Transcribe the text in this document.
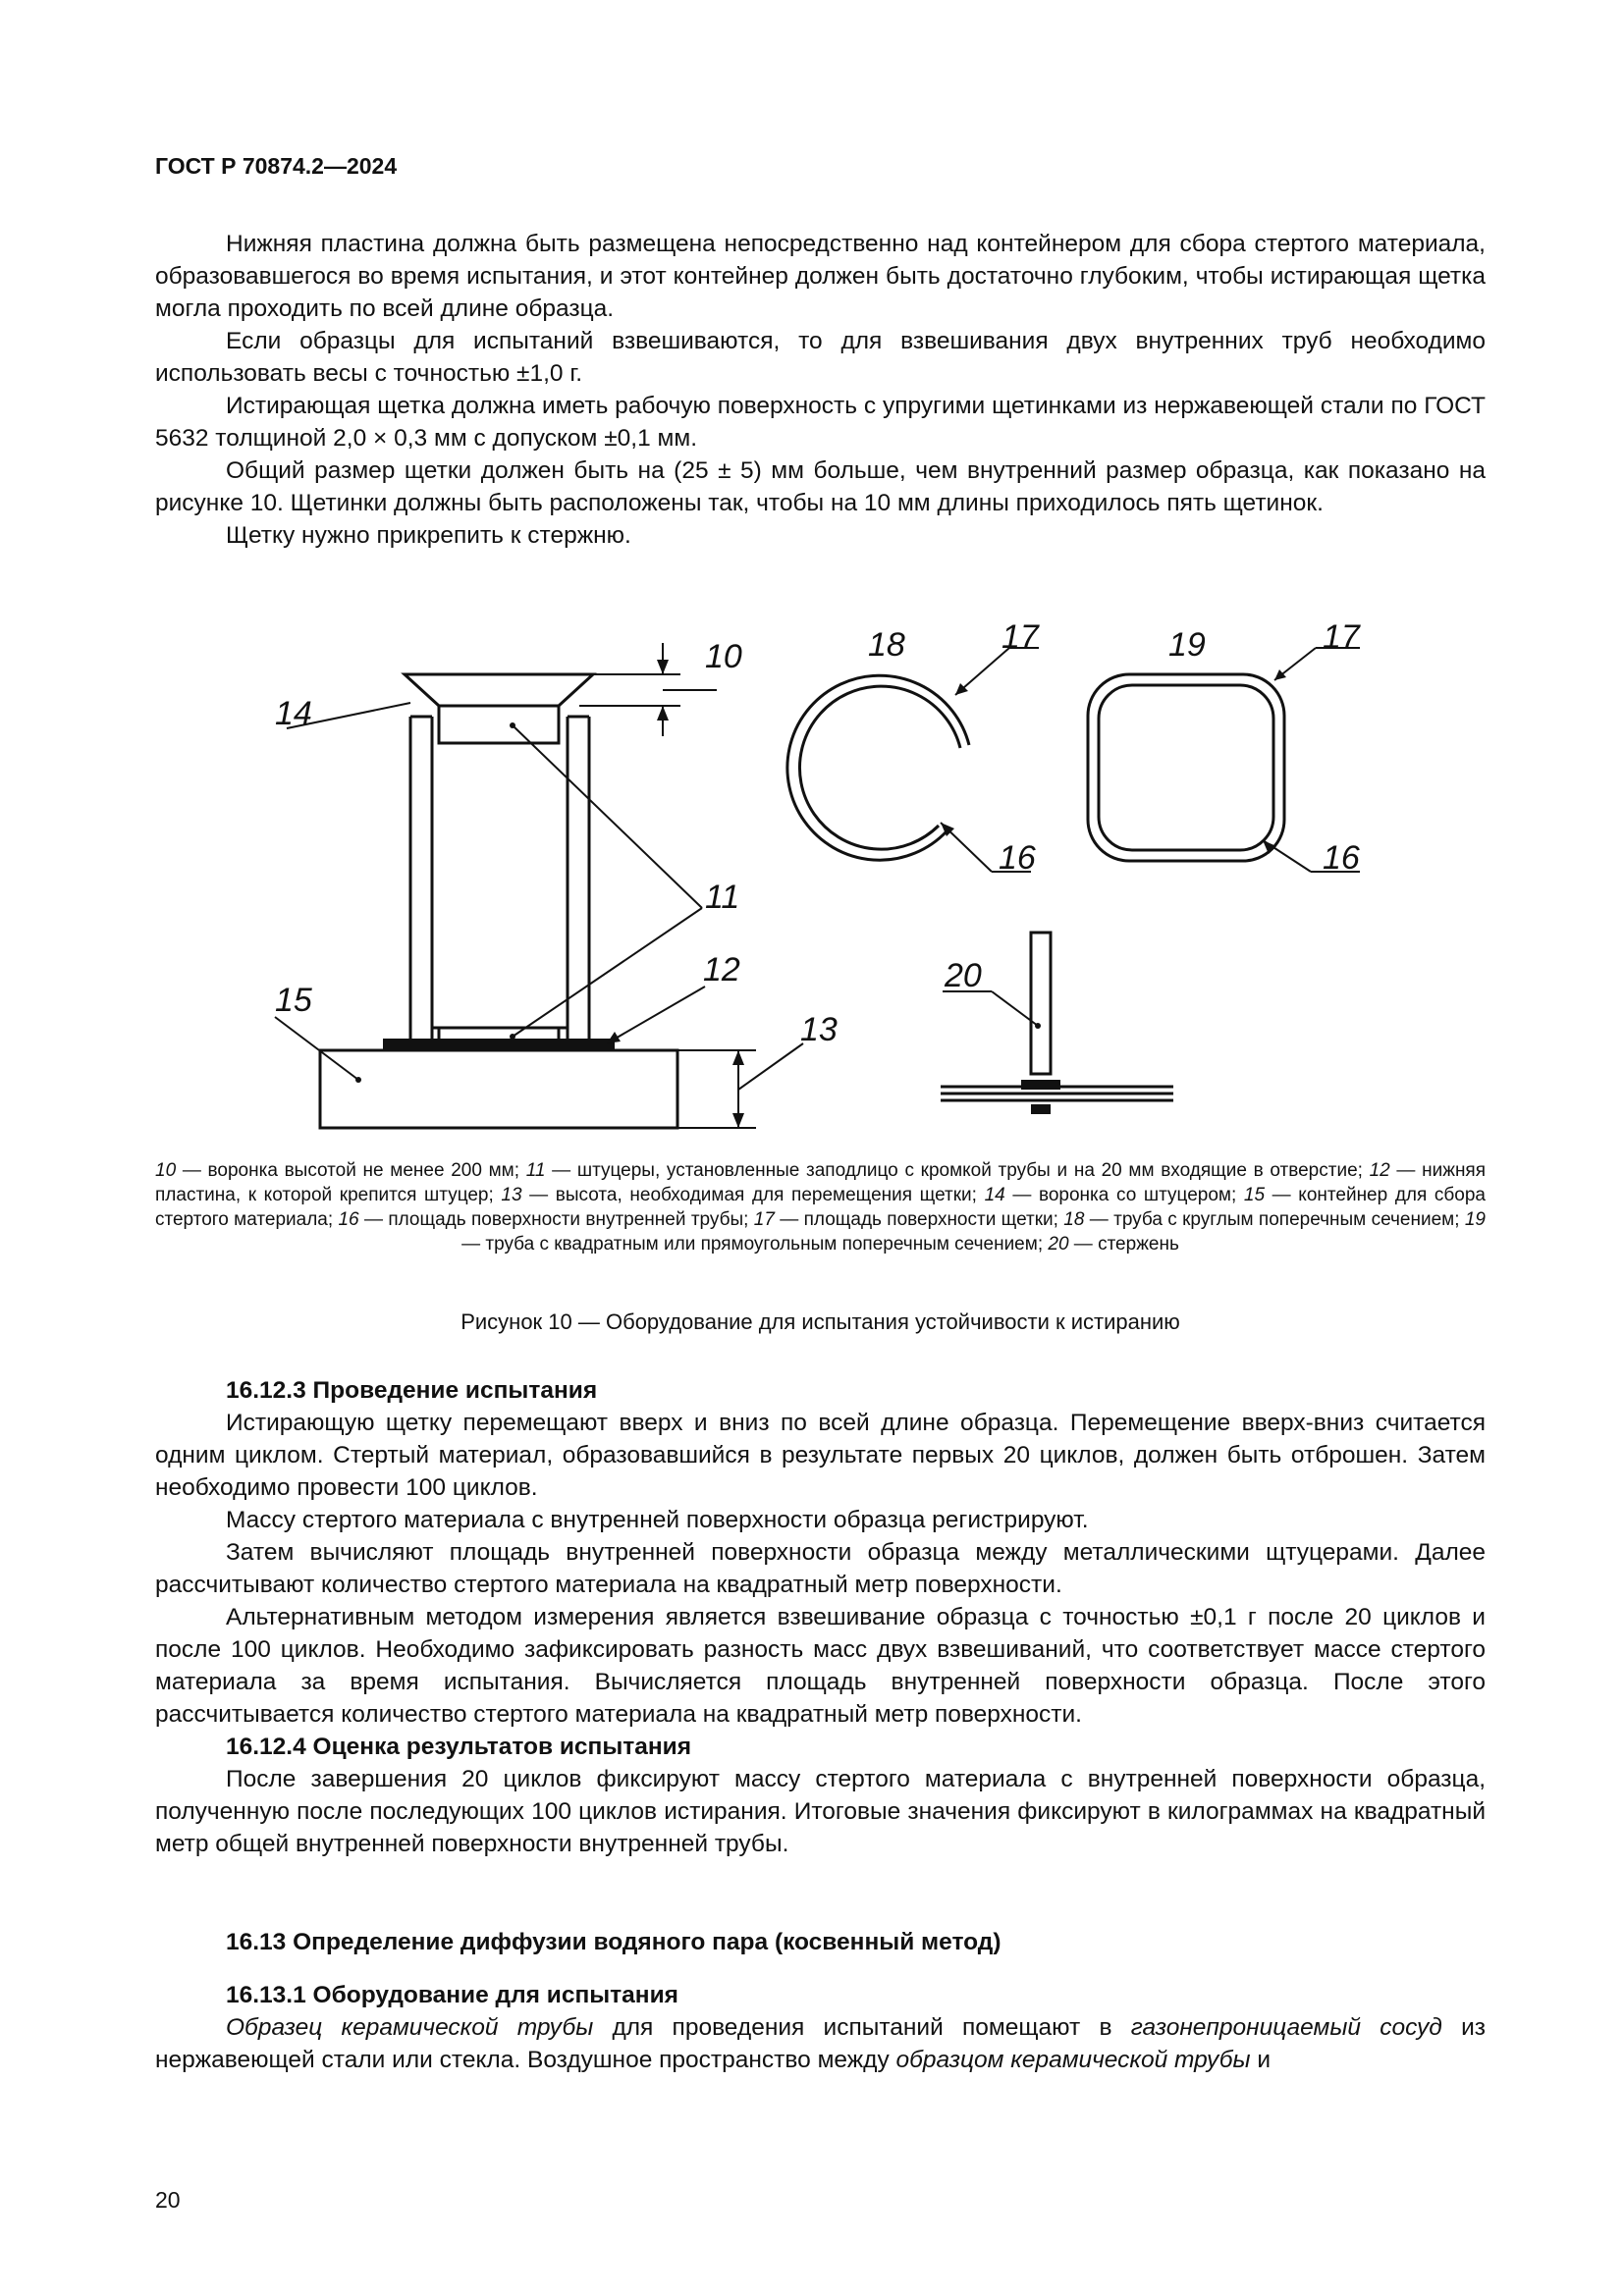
ГОСТ Р 70874.2—2024

Нижняя пластина должна быть размещена непосредственно над контейнером для сбора стертого материала, образовавшегося во время испытания, и этот контейнер должен быть достаточно глубоким, чтобы истирающая щетка могла проходить по всей длине образца.

Если образцы для испытаний взвешиваются, то для взвешивания двух внутренних труб необходимо использовать весы с точностью ±1,0 г.

Истирающая щетка должна иметь рабочую поверхность с упругими щетинками из нержавеющей стали по ГОСТ 5632 толщиной 2,0 × 0,3 мм с допуском ±0,1 мм.

Общий размер щетки должен быть на (25 ± 5) мм больше, чем внутренний размер образца, как показано на рисунке 10. Щетинки должны быть расположены так, чтобы на 10 мм длины приходилось пять щетинок.

Щетку нужно прикрепить к стержню.

10
14
11
12
15
13
18	17
16
19	17
16
20
10 — воронка высотой не менее 200 мм; 11 — штуцеры, установленные заподлицо с кромкой трубы и на 20 мм входящие в отверстие; 12 — нижняя пластина, к которой крепится штуцер; 13 — высота, необходимая для перемещения щетки; 14 — воронка со штуцером; 15 — контейнер для сбора стертого материала; 16 — площадь поверхности внутренней трубы; 17 — площадь поверхности щетки; 18 — труба с круглым поперечным сечением; 19 — труба с квадратным или прямоугольным поперечным сечением; 20 — стержень
Рисунок 10 — Оборудование для испытания устойчивости к истиранию

16.12.3 Проведение испытания

Истирающую щетку перемещают вверх и вниз по всей длине образца. Перемещение вверх-вниз считается одним циклом. Стертый материал, образовавшийся в результате первых 20 циклов, должен быть отброшен. Затем необходимо провести 100 циклов.

Массу стертого материала с внутренней поверхности образца регистрируют.

Затем вычисляют площадь внутренней поверхности образца между металлическими щтуцерами. Далее рассчитывают количество стертого материала на квадратный метр поверхности.

Альтернативным методом измерения является взвешивание образца с точностью ±0,1 г после 20 циклов и после 100 циклов. Необходимо зафиксировать разность масс двух взвешиваний, что соответствует массе стертого материала за время испытания. Вычисляется площадь внутренней поверхности образца. После этого рассчитывается количество стертого материала на квадратный метр поверхности.

16.12.4 Оценка результатов испытания

После завершения 20 циклов фиксируют массу стертого материала с внутренней поверхности образца, полученную после последующих 100 циклов истирания. Итоговые значения фиксируют в килограммах на квадратный метр общей внутренней поверхности внутренней трубы.

16.13 Определение диффузии водяного пара (косвенный метод)

16.13.1 Оборудование для испытания

Образец керамической трубы для проведения испытаний помещают в газонепроницаемый сосуд из нержавеющей стали или стекла. Воздушное пространство между образцом керамической трубы и

20
